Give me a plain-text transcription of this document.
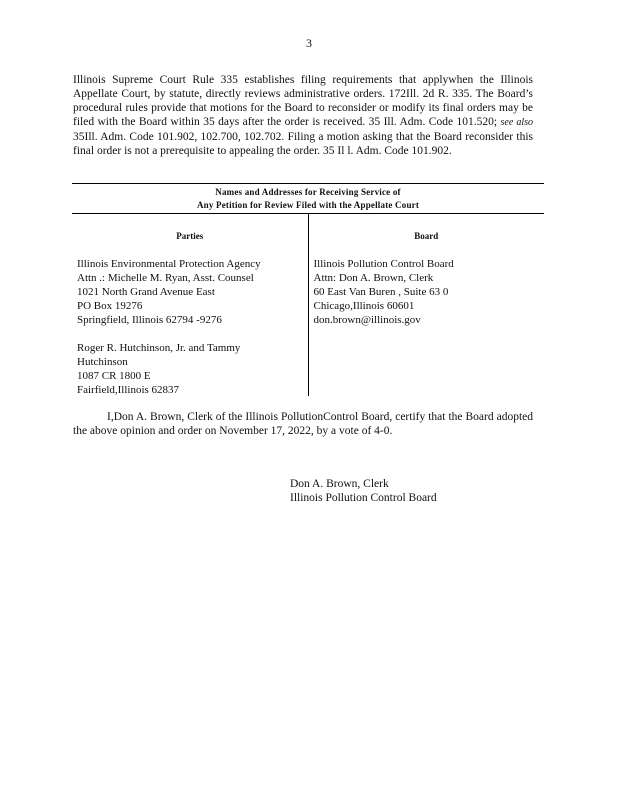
3
Illinois Supreme Court Rule 335 establishes filing requirements that applywhen the Illinois Appellate Court, by statute, directly reviews administrative orders. 172Ill. 2d R. 335. The Board’s procedural rules provide that motions for the Board to reconsider or modify its final orders may be filed with the Board within 35 days after the order is received. 35 Ill. Adm. Code 101.520; see also 35Ill. Adm. Code 101.902, 102.700, 102.702. Filing a motion asking that the Board reconsider this final order is not a prerequisite to appealing the order. 35 Il l. Adm. Code 101.902.
Names and Addresses for Receiving Service of
Any Petition for Review Filed with the Appellate Court
Parties
Illinois Environmental Protection Agency
Attn .: Michelle M. Ryan, Asst. Counsel
1021 North Grand Avenue East
PO Box 19276
Springfield, Illinois 62794 -9276
Roger R. Hutchinson, Jr. and Tammy
Hutchinson
1087 CR 1800 E
Fairfield,Illinois 62837
Board
Illinois Pollution Control Board
Attn: Don A. Brown, Clerk
60 East Van Buren , Suite 63 0
Chicago,Illinois 60601
don.brown@illinois.gov
I,Don A. Brown, Clerk of the Illinois PollutionControl Board, certify that the Board adopted the above opinion and order on November 17, 2022, by a vote of 4-0.
Don A. Brown, Clerk
Illinois Pollution Control Board
